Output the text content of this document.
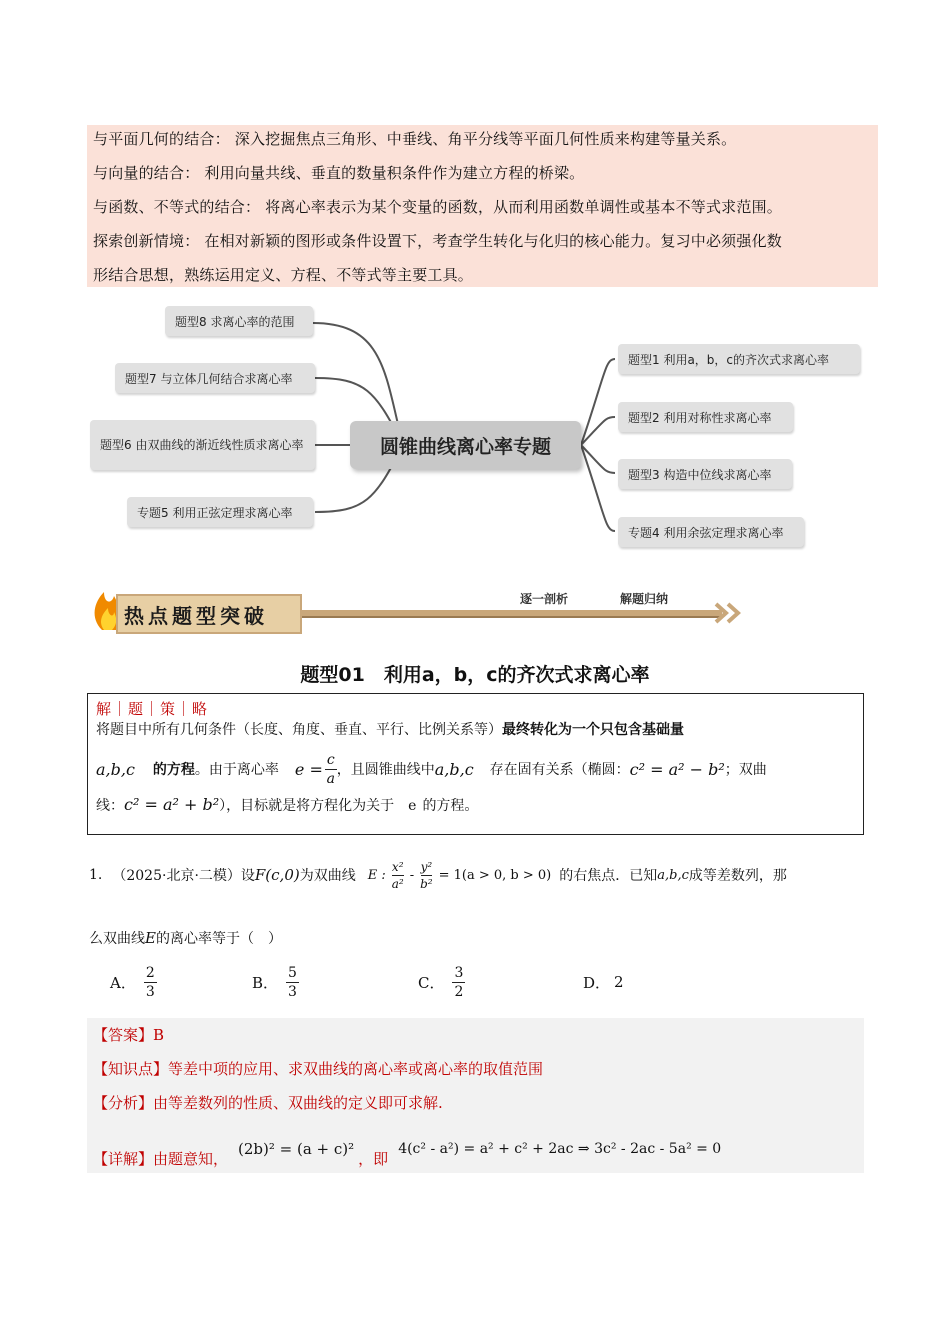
与平面几何的结合： 深入挖掘焦点三角形、中垂线、角平分线等平面几何性质来构建等量关系。

与向量的结合： 利用向量共线、垂直的数量积条件作为建立方程的桥梁。

与函数、不等式的结合： 将离心率表示为某个变量的函数，从而利用函数单调性或基本不等式求范围。

探索创新情境： 在相对新颖的图形或条件设置下，考查学生转化与化归的核心能力。复习中必须强化数

形结合思想，熟练运用定义、方程、不等式等主要工具。

题型8 求离心率的范围
题型7 与立体几何结合求离心率
题型6 由双曲线的渐近线性质求离心率
专题5 利用正弦定理求离心率
圆锥曲线离心率专题
题型1 利用a，b，c的齐次式求离心率
题型2 利用对称性求离心率
题型3 构造中位线求离心率
专题4 利用余弦定理求离心率
热点题型突破
逐一剖析	解题归纳
题型01　利用a，b，c的齐次式求离心率
解｜题｜策｜略
将题目中所有几何条件（长度、角度、垂直、平行、比例关系等）最终转化为一个只包含基础量
a,b,c 的方程 。由于离心率 $e = \frac{c}{a}$ ，且圆锥曲线中 a,b,c 存在固有关系（椭圆： c² = a² − b² ；双曲
线：c² = a² + b²），目标就是将方程化为关于 e 的方程。
1. （2025·北京·二模）设 F(c,0) 为双曲线 E : $\frac{\text{x²}}{\text{a²}} - \frac{\text{y²}}{\text{b²}} = 1(a > 0$, b > 0) 的右焦点．已知 a,b,c 成等差数列，那
么双曲线E的离心率等于（　）
A． $\frac{2}{3}$	B． $\frac{5}{3}$	C． $\frac{3}{2}$	D． 2
【答案】B
【知识点】等差中项的应用、求双曲线的离心率或离心率的取值范围
【分析】由等差数列的性质、双曲线的定义即可求解.
【详解】 由题意知，
(2b)² = (a + c)²
，即
4(c² - a²) = a² + c² + 2ac ⇒ 3c² - 2ac - 5a² = 0
